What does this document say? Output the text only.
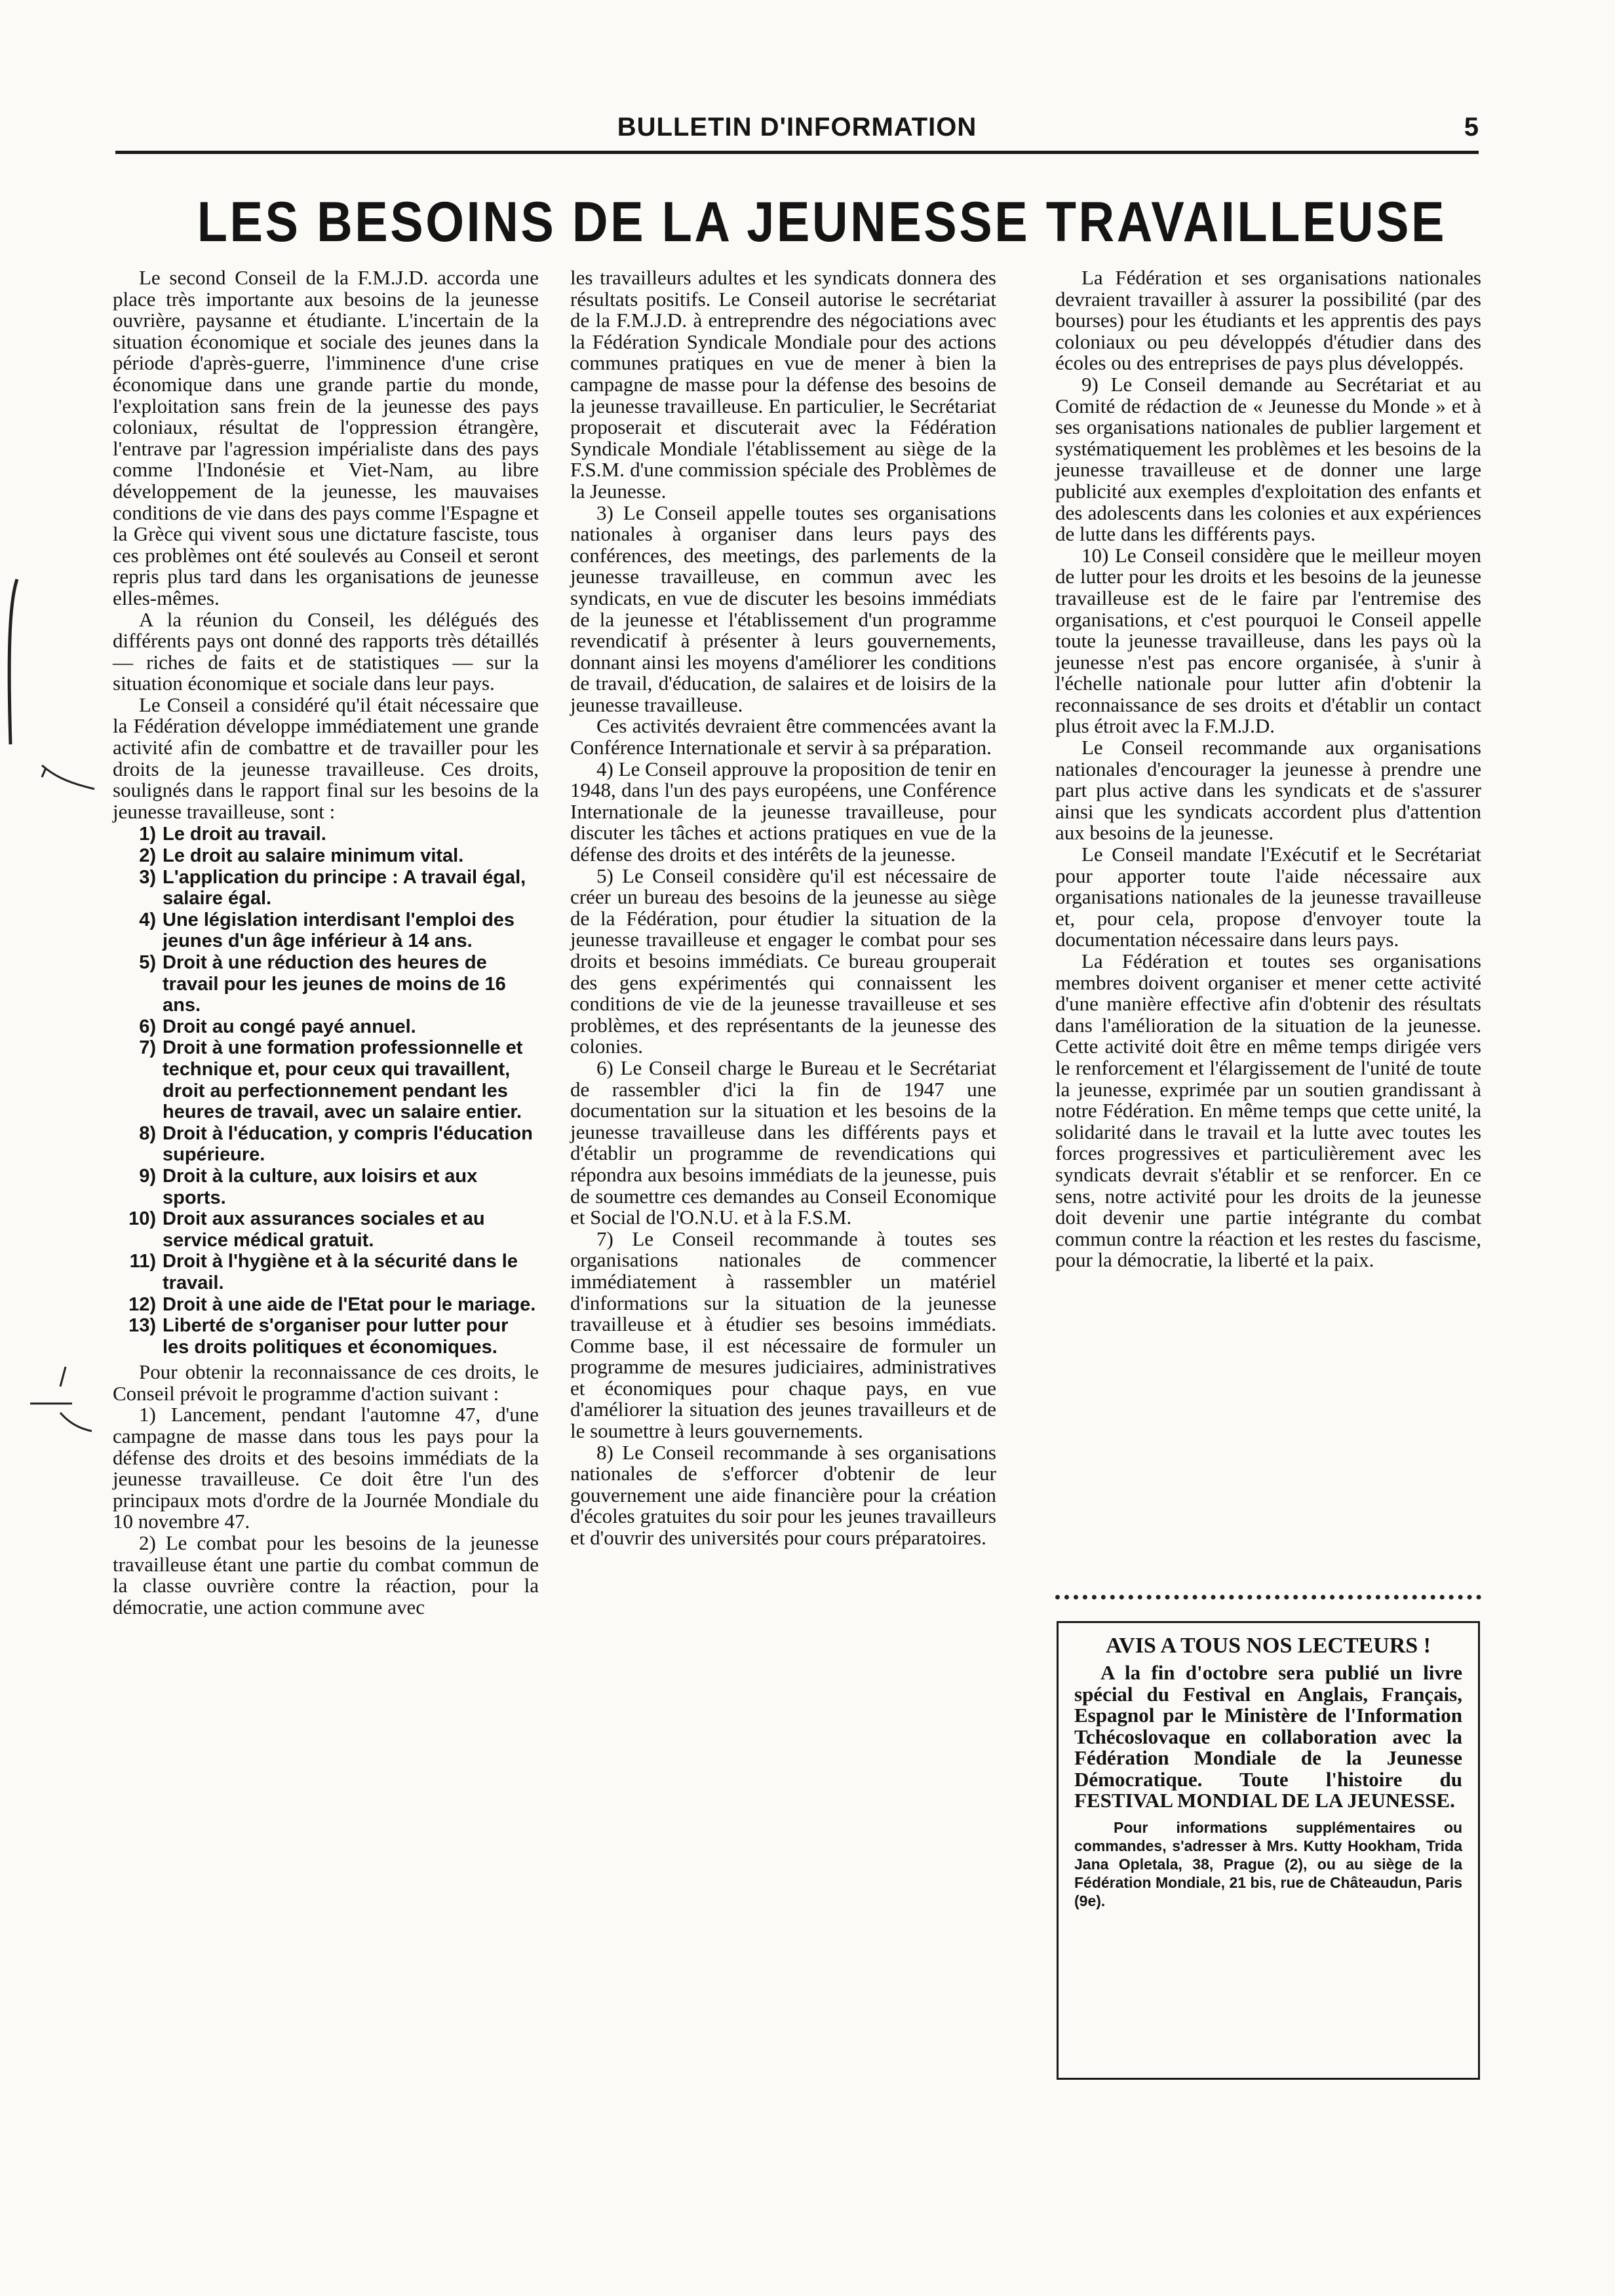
BULLETIN D'INFORMATION	5
LES BESOINS DE LA JEUNESSE TRAVAILLEUSE

Le second Conseil de la F.M.J.D. accorda une place très importante aux besoins de la jeunesse ouvrière, paysanne et étudiante. L'incertain de la situation économique et sociale des jeunes dans la période d'après-guerre, l'imminence d'une crise économique dans une grande partie du monde, l'exploitation sans frein de la jeunesse des pays coloniaux, résultat de l'oppression étrangère, l'entrave par l'agression impérialiste dans des pays comme l'Indonésie et Viet-Nam, au libre développement de la jeunesse, les mauvaises conditions de vie dans des pays comme l'Espagne et la Grèce qui vivent sous une dictature fasciste, tous ces problèmes ont été soulevés au Conseil et seront repris plus tard dans les organisations de jeunesse elles-mêmes.

A la réunion du Conseil, les délégués des différents pays ont donné des rapports très détaillés — riches de faits et de statistiques — sur la situation économique et sociale dans leur pays.

Le Conseil a considéré qu'il était nécessaire que la Fédération développe immédiatement une grande activité afin de combattre et de travailler pour les droits de la jeunesse travailleuse. Ces droits, soulignés dans le rapport final sur les besoins de la jeunesse travailleuse, sont :

1) Le droit au travail.
2) Le droit au salaire minimum vital.
3) L'application du principe : A travail égal, salaire égal.
4) Une législation interdisant l'emploi des jeunes d'un âge inférieur à 14 ans.
5) Droit à une réduction des heures de travail pour les jeunes de moins de 16 ans.
6) Droit au congé payé annuel.
7) Droit à une formation professionnelle et technique et, pour ceux qui travaillent, droit au perfectionnement pendant les heures de travail, avec un salaire entier.
8) Droit à l'éducation, y compris l'éducation supérieure.
9) Droit à la culture, aux loisirs et aux sports.
10) Droit aux assurances sociales et au service médical gratuit.
11) Droit à l'hygiène et à la sécurité dans le travail.
12) Droit à une aide de l'Etat pour le mariage.
13) Liberté de s'organiser pour lutter pour les droits politiques et économiques.

Pour obtenir la reconnaissance de ces droits, le Conseil prévoit le programme d'action suivant :

1) Lancement, pendant l'automne 47, d'une campagne de masse dans tous les pays pour la défense des droits et des besoins immédiats de la jeunesse travailleuse. Ce doit être l'un des principaux mots d'ordre de la Journée Mondiale du 10 novembre 47.

2) Le combat pour les besoins de la jeunesse travailleuse étant une partie du combat commun de la classe ouvrière contre la réaction, pour la démocratie, une action commune avec

les travailleurs adultes et les syndicats donnera des résultats positifs. Le Conseil autorise le secrétariat de la F.M.J.D. à entreprendre des négociations avec la Fédération Syndicale Mondiale pour des actions communes pratiques en vue de mener à bien la campagne de masse pour la défense des besoins de la jeunesse travailleuse. En particulier, le Secrétariat proposerait et discuterait avec la Fédération Syndicale Mondiale l'établissement au siège de la F.S.M. d'une commission spéciale des Problèmes de la Jeunesse.

3) Le Conseil appelle toutes ses organisations nationales à organiser dans leurs pays des conférences, des meetings, des parlements de la jeunesse travailleuse, en commun avec les syndicats, en vue de discuter les besoins immédiats de la jeunesse et l'établissement d'un programme revendicatif à présenter à leurs gouvernements, donnant ainsi les moyens d'améliorer les conditions de travail, d'éducation, de salaires et de loisirs de la jeunesse travailleuse.

Ces activités devraient être commencées avant la Conférence Internationale et servir à sa préparation.

4) Le Conseil approuve la proposition de tenir en 1948, dans l'un des pays européens, une Conférence Internationale de la jeunesse travailleuse, pour discuter les tâches et actions pratiques en vue de la défense des droits et des intérêts de la jeunesse.

5) Le Conseil considère qu'il est nécessaire de créer un bureau des besoins de la jeunesse au siège de la Fédération, pour étudier la situation de la jeunesse travailleuse et engager le combat pour ses droits et besoins immédiats. Ce bureau grouperait des gens expérimentés qui connaissent les conditions de vie de la jeunesse travailleuse et ses problèmes, et des représentants de la jeunesse des colonies.

6) Le Conseil charge le Bureau et le Secrétariat de rassembler d'ici la fin de 1947 une documentation sur la situation et les besoins de la jeunesse travailleuse dans les différents pays et d'établir un programme de revendications qui répondra aux besoins immédiats de la jeunesse, puis de soumettre ces demandes au Conseil Economique et Social de l'O.N.U. et à la F.S.M.

7) Le Conseil recommande à toutes ses organisations nationales de commencer immédiatement à rassembler un matériel d'informations sur la situation de la jeunesse travailleuse et à étudier ses besoins immédiats. Comme base, il est nécessaire de formuler un programme de mesures judiciaires, administratives et économiques pour chaque pays, en vue d'améliorer la situation des jeunes travailleurs et de le soumettre à leurs gouvernements.

8) Le Conseil recommande à ses organisations nationales de s'efforcer d'obtenir de leur gouvernement une aide financière pour la création d'écoles gratuites du soir pour les jeunes travailleurs et d'ouvrir des universités pour cours préparatoires.

La Fédération et ses organisations nationales devraient travailler à assurer la possibilité (par des bourses) pour les étudiants et les apprentis des pays coloniaux ou peu développés d'étudier dans des écoles ou des entreprises de pays plus développés.

9) Le Conseil demande au Secrétariat et au Comité de rédaction de « Jeunesse du Monde » et à ses organisations nationales de publier largement et systématiquement les problèmes et les besoins de la jeunesse travailleuse et de donner une large publicité aux exemples d'exploitation des enfants et des adolescents dans les colonies et aux expériences de lutte dans les différents pays.

10) Le Conseil considère que le meilleur moyen de lutter pour les droits et les besoins de la jeunesse travailleuse est de le faire par l'entremise des organisations, et c'est pourquoi le Conseil appelle toute la jeunesse travailleuse, dans les pays où la jeunesse n'est pas encore organisée, à s'unir à l'échelle nationale pour lutter afin d'obtenir la reconnaissance de ses droits et d'établir un contact plus étroit avec la F.M.J.D.

Le Conseil recommande aux organisations nationales d'encourager la jeunesse à prendre une part plus active dans les syndicats et de s'assurer ainsi que les syndicats accordent plus d'attention aux besoins de la jeunesse.

Le Conseil mandate l'Exécutif et le Secrétariat pour apporter toute l'aide nécessaire aux organisations nationales de la jeunesse travailleuse et, pour cela, propose d'envoyer toute la documentation nécessaire dans leurs pays.

La Fédération et toutes ses organisations membres doivent organiser et mener cette activité d'une manière effective afin d'obtenir des résultats dans l'amélioration de la situation de la jeunesse. Cette activité doit être en même temps dirigée vers le renforcement et l'élargissement de l'unité de toute la jeunesse, exprimée par un soutien grandissant à notre Fédération. En même temps que cette unité, la solidarité dans le travail et la lutte avec toutes les forces progressives et particulièrement avec les syndicats devrait s'établir et se renforcer. En ce sens, notre activité pour les droits de la jeunesse doit devenir une partie intégrante du combat commun contre la réaction et les restes du fascisme, pour la démocratie, la liberté et la paix.

AVIS A TOUS NOS LECTEURS !
A la fin d'octobre sera publié un livre spécial du Festival en Anglais, Français, Espagnol par le Ministère de l'Information Tchécoslovaque en collaboration avec la Fédération Mondiale de la Jeunesse Démocratique. Toute l'histoire du FESTIVAL MONDIAL DE LA JEUNESSE.
Pour informations supplémentaires ou commandes, s'adresser à Mrs. Kutty Hookham, Trida Jana Opletala, 38, Prague (2), ou au siège de la Fédération Mondiale, 21 bis, rue de Châteaudun, Paris (9e).
